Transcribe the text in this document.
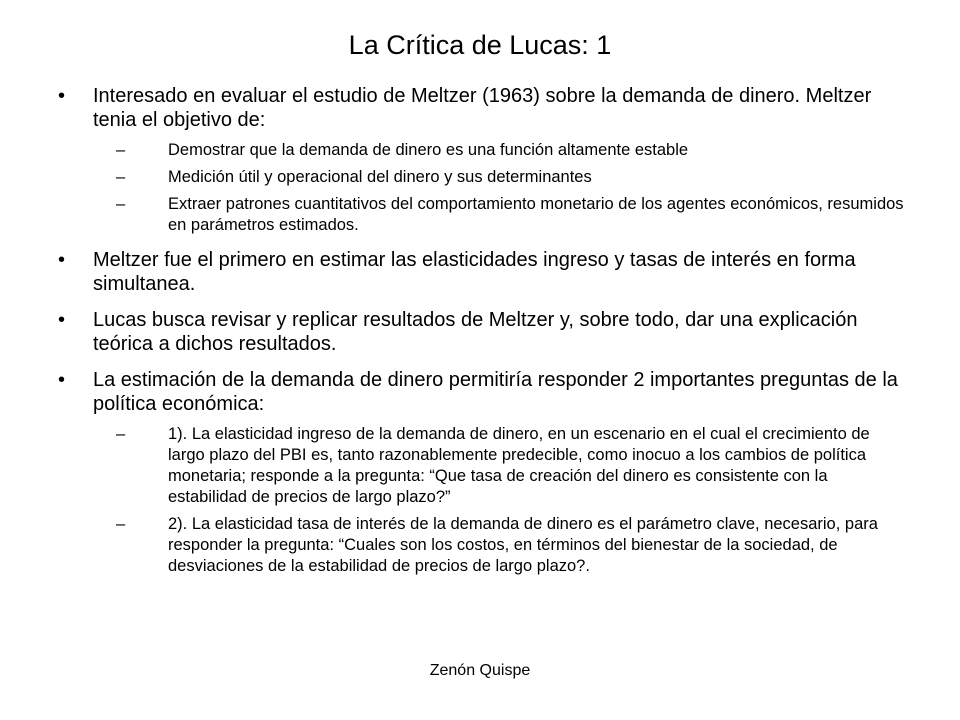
La Crítica de Lucas: 1
• Interesado en evaluar el estudio de Meltzer (1963) sobre la demanda de dinero. Meltzer tenia el objetivo de:
–	Demostrar que la demanda de dinero es una función altamente estable
–	Medición útil y operacional del dinero y sus determinantes
–	Extraer patrones cuantitativos del comportamiento monetario de los agentes económicos, resumidos en parámetros estimados.
• Meltzer fue el primero en estimar las elasticidades ingreso y tasas de interés en forma simultanea.
• Lucas busca revisar y replicar resultados de Meltzer y, sobre todo, dar una explicación teórica a dichos resultados.
• La estimación de la demanda de dinero permitiría responder 2 importantes preguntas de la política económica:
–	1). La elasticidad ingreso de la demanda de dinero, en un escenario en el cual el crecimiento de largo plazo del PBI es, tanto razonablemente predecible, como inocuo a los cambios de política monetaria; responde a la pregunta: “Que tasa de creación del dinero es consistente con la estabilidad de precios de largo plazo?”
–	2). La elasticidad tasa de interés de la demanda de dinero es el parámetro clave, necesario, para responder la pregunta: “Cuales son los costos, en términos del bienestar de la sociedad, de desviaciones de la estabilidad de precios de largo plazo?.
Zenón Quispe
